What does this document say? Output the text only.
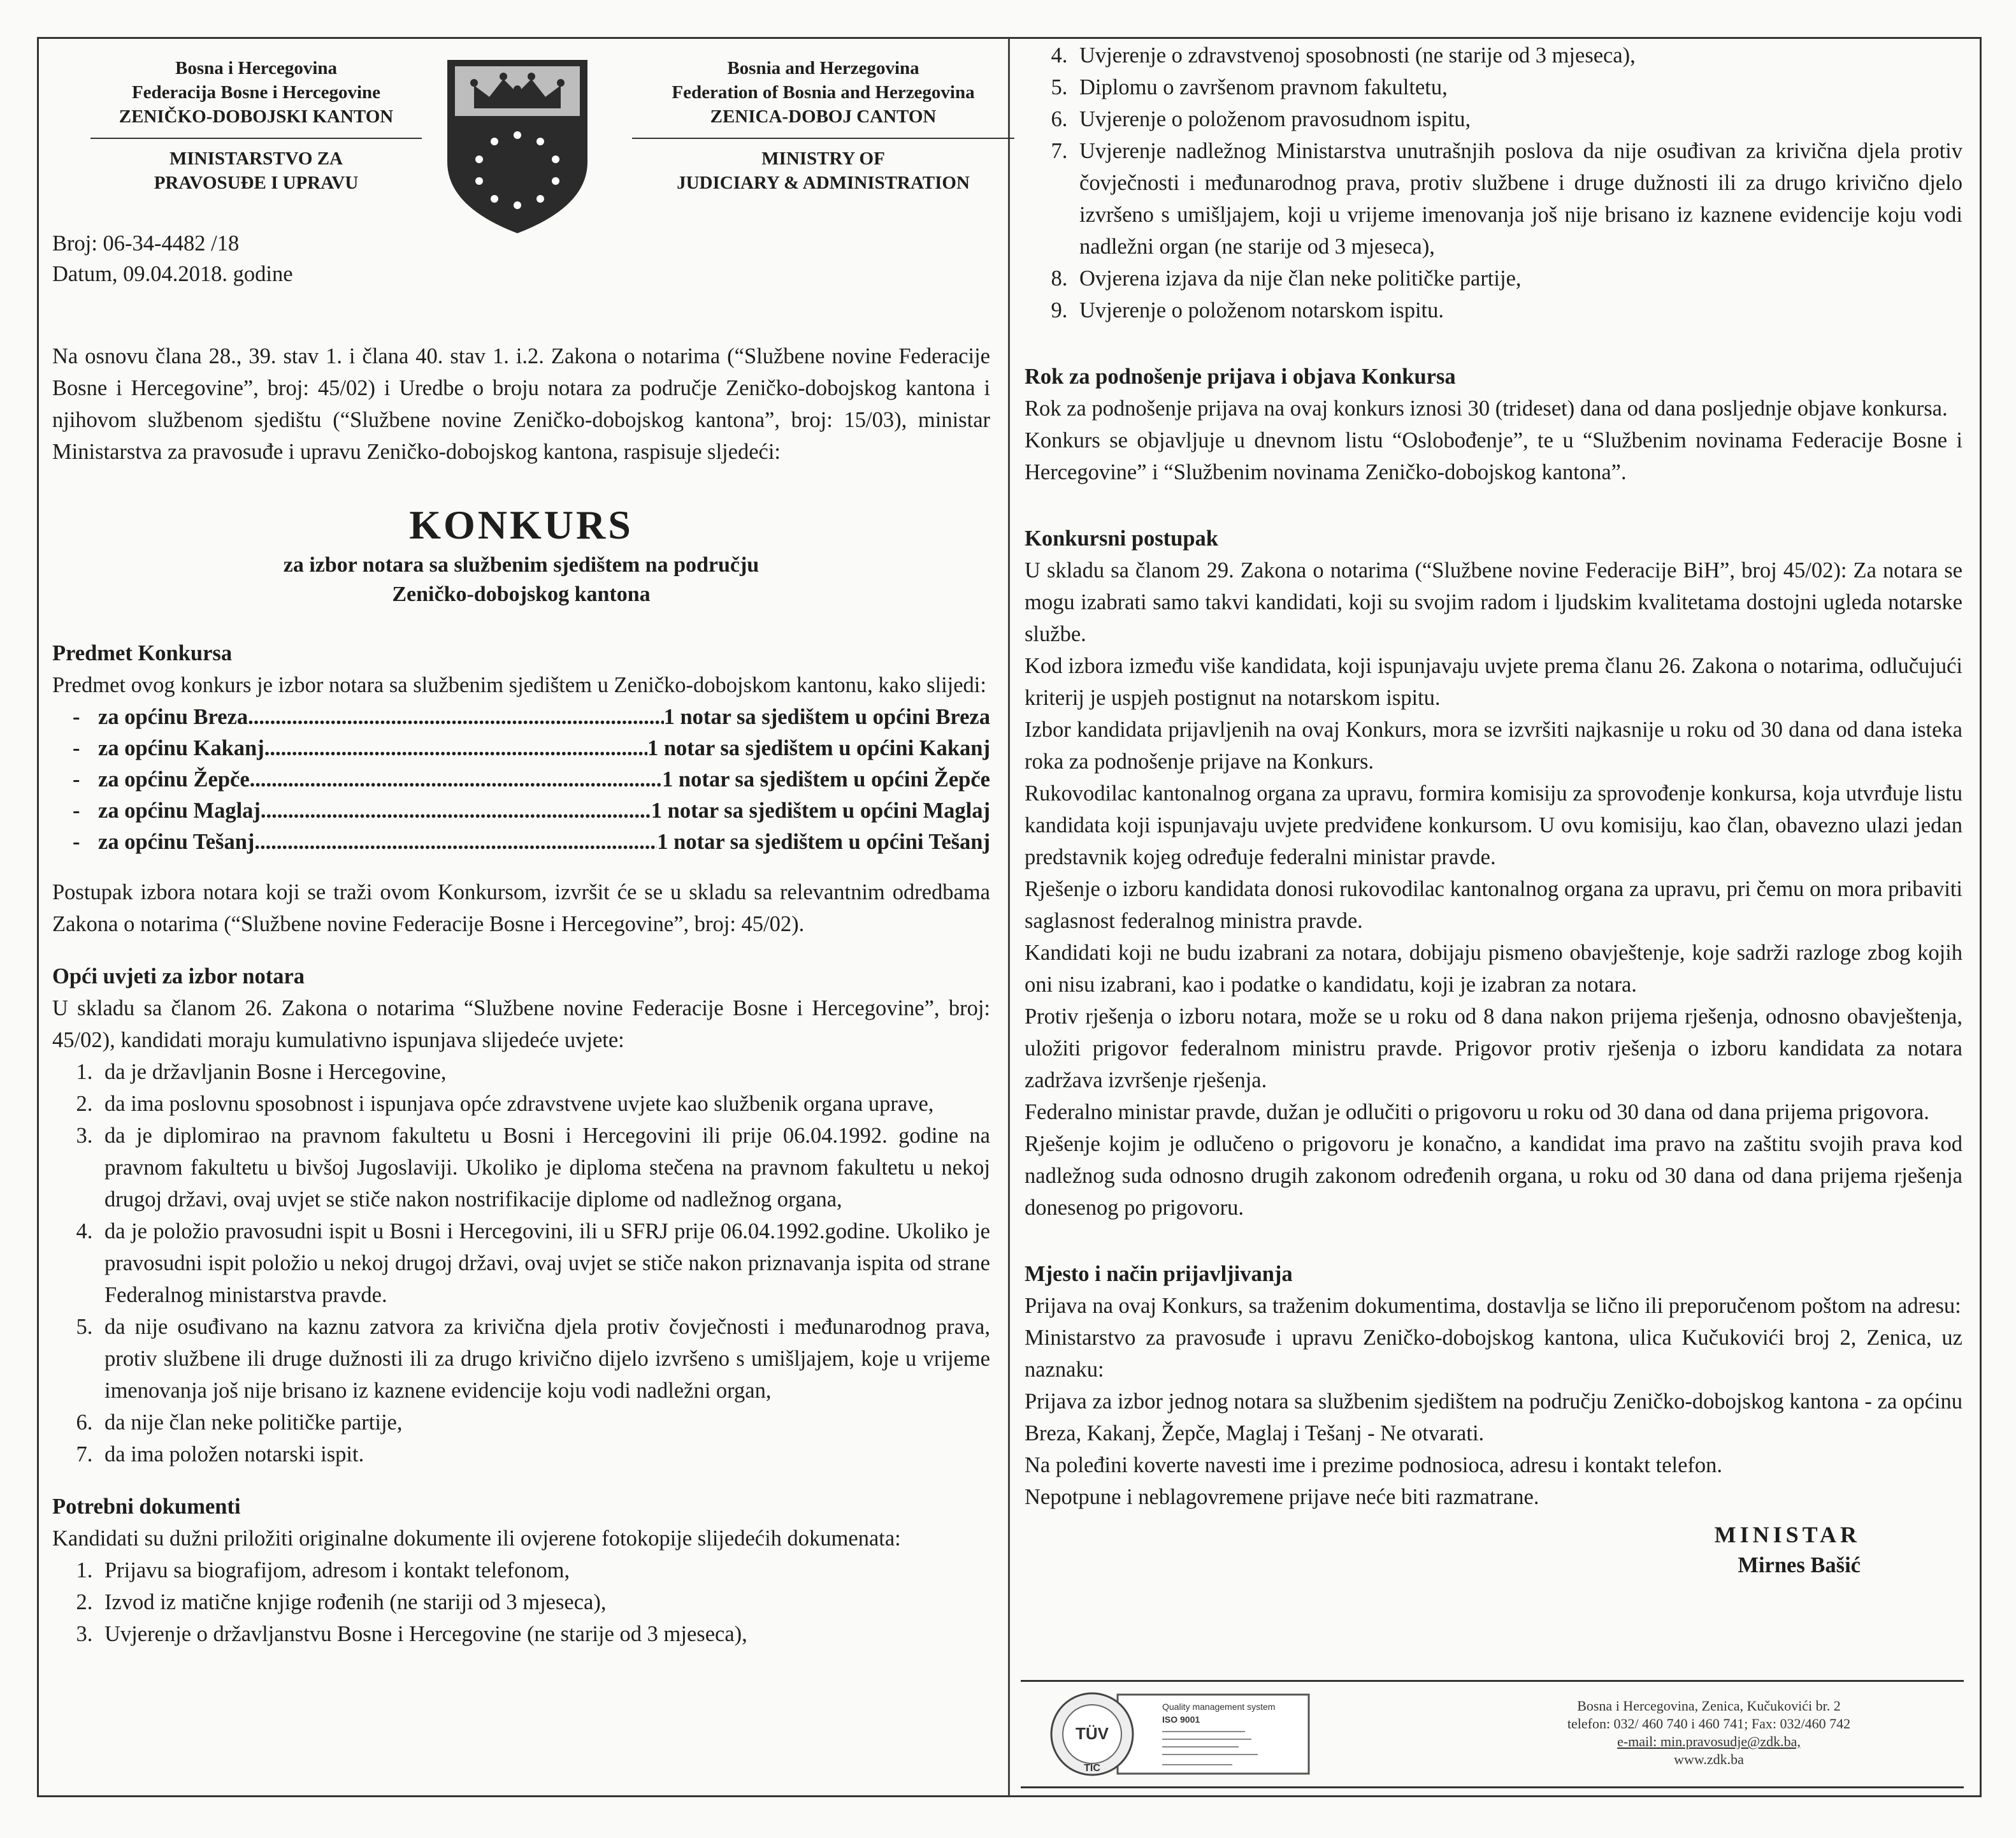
Bosna i Hercegovina
Federacija Bosne i Hercegovine
ZENIČKO-DOBOJSKI KANTON
MINISTARSTVO ZA
PRAVOSUĐE I UPRAVU
Bosnia and Herzegovina
Federation of Bosnia and Herzegovina
ZENICA-DOBOJ CANTON
MINISTRY OF
JUDICIARY & ADMINISTRATION
Broj: 06-34-4482 /18
Datum, 09.04.2018. godine

Na osnovu člana 28., 39. stav 1. i člana 40. stav 1. i.2. Zakona o notarima (“Službene novine Federacije Bosne i Hercegovine”, broj: 45/02) i Uredbe o broju notara za područje Zeničko-dobojskog kantona i njihovom službenom sjedištu (“Službene novine Zeničko-dobojskog kantona”, broj: 15/03), ministar Ministarstva za pravosuđe i upravu Zeničko-dobojskog kantona, raspisuje sljedeći:

KONKURS
za izbor notara sa službenim sjedištem na području
Zeničko-dobojskog kantona
Predmet Konkursa

Predmet ovog konkurs je izbor notara sa službenim sjedištem u Zeničko-dobojskom kantonu, kako slijedi:

- za općinu Breza .....	1 notar sa sjedištem u općini Breza
- za općinu Kakanj .....	1 notar sa sjedištem u općini Kakanj
- za općinu Žepče .....	1 notar sa sjedištem u općini Žepče
- za općinu Maglaj .....	1 notar sa sjedištem u općini Maglaj
- za općinu Tešanj .....	1 notar sa sjedištem u općini Tešanj

Postupak izbora notara koji se traži ovom Konkursom, izvršit će se u skladu sa relevantnim odredbama Zakona o notarima (“Službene novine Federacije Bosne i Hercegovine”, broj: 45/02).

Opći uvjeti za izbor notara

U skladu sa članom 26. Zakona o notarima “Službene novine Federacije Bosne i Hercegovine”, broj: 45/02), kandidati moraju kumulativno ispunjava slijedeće uvjete:

1. da je državljanin Bosne i Hercegovine,
2. da ima poslovnu sposobnost i ispunjava opće zdravstvene uvjete kao službenik organa uprave,
3. da je diplomirao na pravnom fakultetu u Bosni i Hercegovini ili prije 06.04.1992. godine na pravnom fakultetu u bivšoj Jugoslaviji. Ukoliko je diploma stečena na pravnom fakultetu u nekoj drugoj državi, ovaj uvjet se stiče nakon nostrifikacije diplome od nadležnog organa,
4. da je položio pravosudni ispit u Bosni i Hercegovini, ili u SFRJ prije 06.04.1992.godine. Ukoliko je pravosudni ispit položio u nekoj drugoj državi, ovaj uvjet se stiče nakon priznavanja ispita od strane Federalnog ministarstva pravde.
5. da nije osuđivano na kaznu zatvora za krivična djela protiv čovječnosti i međunarodnog prava, protiv službene ili druge dužnosti ili za drugo krivično dijelo izvršeno s umišljajem, koje u vrijeme imenovanja još nije brisano iz kaznene evidencije koju vodi nadležni organ,
6. da nije član neke političke partije,
7. da ima položen notarski ispit.
Potrebni dokumenti

Kandidati su dužni priložiti originalne dokumente ili ovjerene fotokopije slijedećih dokumenata:

1. Prijavu sa biografijom, adresom i kontakt telefonom,
2. Izvod iz matične knjige rođenih (ne stariji od 3 mjeseca),
3. Uvjerenje o državljanstvu Bosne i Hercegovine (ne starije od 3 mjeseca),
4. Uvjerenje o zdravstvenoj sposobnosti (ne starije od 3 mjeseca),
5. Diplomu o završenom pravnom fakultetu,
6. Uvjerenje o položenom pravosudnom ispitu,
7. Uvjerenje nadležnog Ministarstva unutrašnjih poslova da nije osuđivan za krivična djela protiv čovječnosti i međunarodnog prava, protiv službene i druge dužnosti ili za drugo krivično djelo izvršeno s umišljajem, koji u vrijeme imenovanja još nije brisano iz kaznene evidencije koju vodi nadležni organ (ne starije od 3 mjeseca),
8. Ovjerena izjava da nije član neke političke partije,
9. Uvjerenje o položenom notarskom ispitu.
Rok za podnošenje prijava i objava Konkursa

Rok za podnošenje prijava na ovaj konkurs iznosi 30 (trideset) dana od dana posljednje objave konkursa.

Konkurs se objavljuje u dnevnom listu “Oslobođenje”, te u “Službenim novinama Federacije Bosne i Hercegovine” i “Službenim novinama Zeničko-dobojskog kantona”.

Konkursni postupak

U skladu sa članom 29. Zakona o notarima (“Službene novine Federacije BiH”, broj 45/02): Za notara se mogu izabrati samo takvi kandidati, koji su svojim radom i ljudskim kvalitetama dostojni ugleda notarske službe.

Kod izbora između više kandidata, koji ispunjavaju uvjete prema članu 26. Zakona o notarima, odlučujući kriterij je uspjeh postignut na notarskom ispitu.

Izbor kandidata prijavljenih na ovaj Konkurs, mora se izvršiti najkasnije u roku od 30 dana od dana isteka roka za podnošenje prijave na Konkurs.

Rukovodilac kantonalnog organa za upravu, formira komisiju za sprovođenje konkursa, koja utvrđuje listu kandidata koji ispunjavaju uvjete predviđene konkursom. U ovu komisiju, kao član, obavezno ulazi jedan predstavnik kojeg određuje federalni ministar pravde.

Rješenje o izboru kandidata donosi rukovodilac kantonalnog organa za upravu, pri čemu on mora pribaviti saglasnost federalnog ministra pravde.

Kandidati koji ne budu izabrani za notara, dobijaju pismeno obavještenje, koje sadrži razloge zbog kojih oni nisu izabrani, kao i podatke o kandidatu, koji je izabran za notara.

Protiv rješenja o izboru notara, može se u roku od 8 dana nakon prijema rješenja, odnosno obavještenja, uložiti prigovor federalnom ministru pravde. Prigovor protiv rješenja o izboru kandidata za notara zadržava izvršenje rješenja.

Federalno ministar pravde, dužan je odlučiti o prigovoru u roku od 30 dana od dana prijema prigovora.

Rješenje kojim je odlučeno o prigovoru je konačno, a kandidat ima pravo na zaštitu svojih prava kod nadležnog suda odnosno drugih zakonom određenih organa, u roku od 30 dana od dana prijema rješenja donesenog po prigovoru.

Mjesto i način prijavljivanja

Prijava na ovaj Konkurs, sa traženim dokumentima, dostavlja se lično ili preporučenom poštom na adresu:

Ministarstvo za pravosuđe i upravu Zeničko-dobojskog kantona, ulica Kučukovići broj 2, Zenica, uz naznaku:

Prijava za izbor jednog notara sa službenim sjedištem na području Zeničko-dobojskog kantona - za općinu Breza, Kakanj, Žepče, Maglaj i Tešanj - Ne otvarati.

Na poleđini koverte navesti ime i prezime podnosioca, adresu i kontakt telefon.

Nepotpune i neblagovremene prijave neće biti razmatrane.

MINISTAR
Mirnes Bašić
TÜV
TIC
Quality management system
ISO 9001
Bosna i Hercegovina, Zenica, Kučukovići br. 2
telefon: 032/ 460 740 i 460 741; Fax: 032/460 742
e-mail: min.pravosudje@zdk.ba,
www.zdk.ba
